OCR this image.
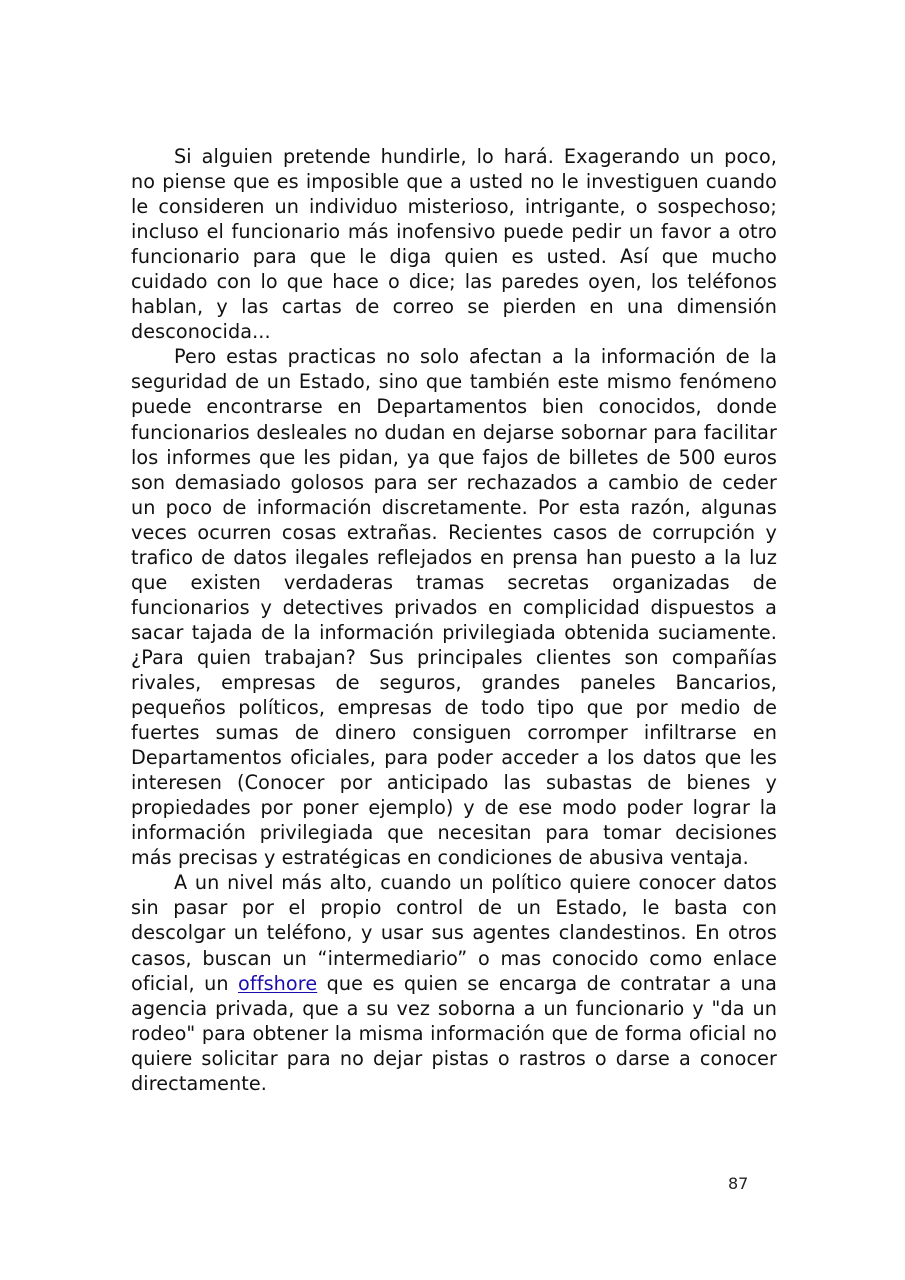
Si alguien pretende hundirle, lo hará. Exagerando un poco, no piense que es imposible que a usted no le investiguen cuando le consideren un individuo misterioso, intrigante, o sospechoso; incluso el funcionario más inofensivo puede pedir un favor a otro funcionario para que le diga quien es usted. Así que mucho cuidado con lo que hace o dice; las paredes oyen, los teléfonos hablan, y las cartas de correo se pierden en una dimensión desconocida...

Pero estas practicas no solo afectan a la información de la seguridad de un Estado, sino que también este mismo fenómeno puede encontrarse en Departamentos bien conocidos, donde funcionarios desleales no dudan en dejarse sobornar para facilitar los informes que les pidan, ya que fajos de billetes de 500 euros son demasiado golosos para ser rechazados a cambio de ceder un poco de información discretamente. Por esta razón, algunas veces ocurren cosas extrañas. Recientes casos de corrupción y trafico de datos ilegales reflejados en prensa han puesto a la luz que existen verdaderas tramas secretas organizadas de funcionarios y detectives privados en complicidad dispuestos a sacar tajada de la información privilegiada obtenida suciamente. ¿Para quien trabajan? Sus principales clientes son compañías rivales, empresas de seguros, grandes paneles Bancarios, pequeños políticos, empresas de todo tipo que por medio de fuertes sumas de dinero consiguen corromper infiltrarse en Departamentos oficiales, para poder acceder a los datos que les interesen (Conocer por anticipado las subastas de bienes y propiedades por poner ejemplo) y de ese modo poder lograr la información privilegiada que necesitan para tomar decisiones más precisas y estratégicas en condiciones de abusiva ventaja.

A un nivel más alto, cuando un político quiere conocer datos sin pasar por el propio control de un Estado, le basta con descolgar un teléfono, y usar sus agentes clandestinos. En otros casos, buscan un “intermediario” o mas conocido como enlace oficial, un offshore que es quien se encarga de contratar a una agencia privada, que a su vez soborna a un funcionario y "da un rodeo" para obtener la misma información que de forma oficial no quiere solicitar para no dejar pistas o rastros o darse a conocer directamente.

87
